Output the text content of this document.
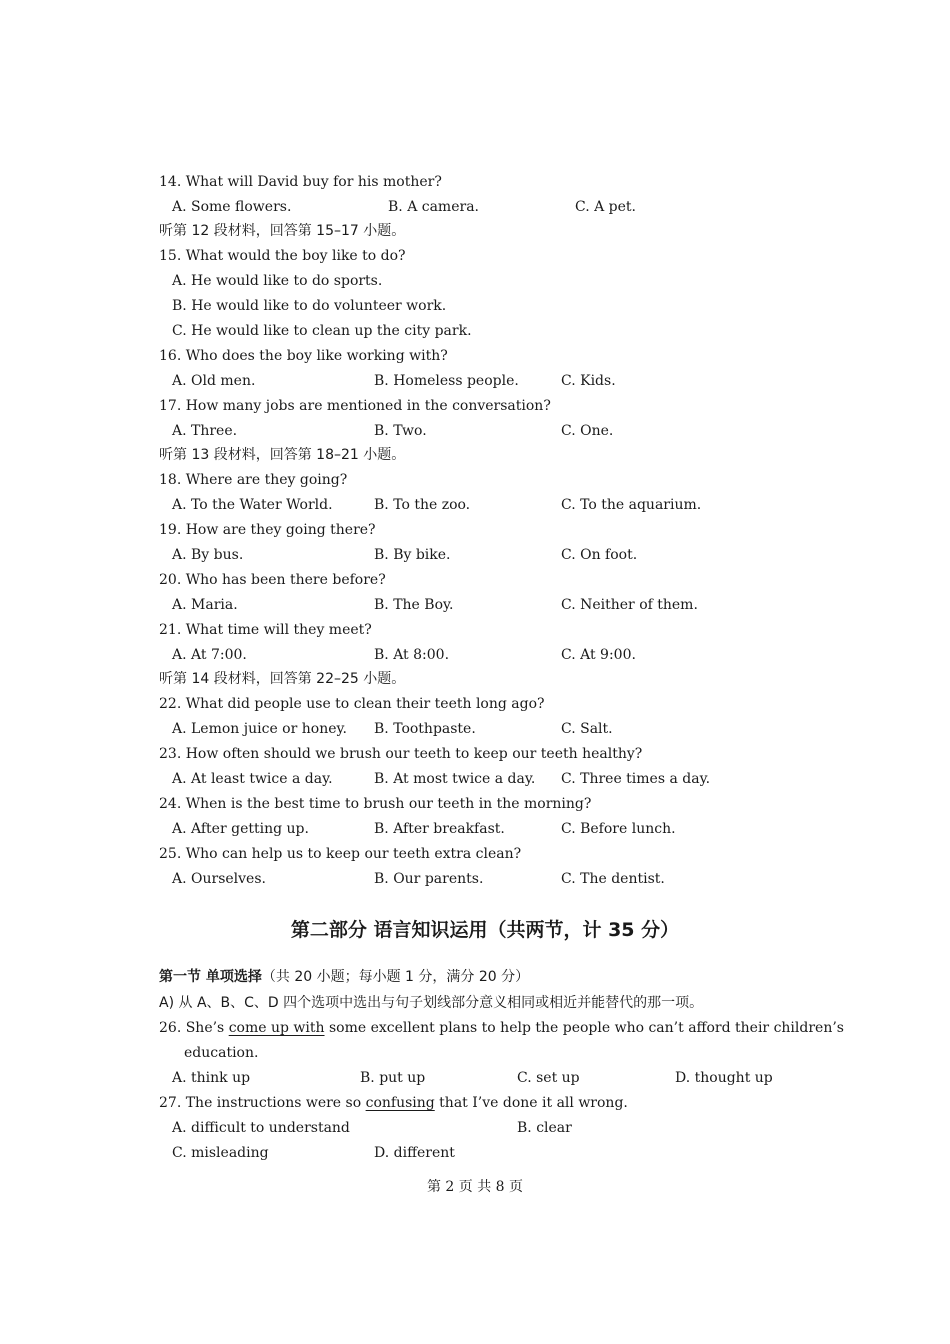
14. What will David buy for his mother?
A. Some flowers.	B. A camera.	C. A pet.
听第 12 段材料，回答第 15–17 小题。
15. What would the boy like to do?
A. He would like to do sports.
B. He would like to do volunteer work.
C. He would like to clean up the city park.
16. Who does the boy like working with?
A. Old men.	B. Homeless people.	C. Kids.
17. How many jobs are mentioned in the conversation?
A. Three.	B. Two.	C. One.
听第 13 段材料，回答第 18–21 小题。
18. Where are they going?
A. To the Water World.	B. To the zoo.	C. To the aquarium.
19. How are they going there?
A. By bus.	B. By bike.	C. On foot.
20. Who has been there before?
A. Maria.	B. The Boy.	C. Neither of them.
21. What time will they meet?
A. At 7:00.	B. At 8:00.	C. At 9:00.
听第 14 段材料，回答第 22–25 小题。
22. What did people use to clean their teeth long ago?
A. Lemon juice or honey. B. Toothpaste.	C. Salt.
23. How often should we brush our teeth to keep our teeth healthy?
A. At least twice a day.	B. At most twice a day. C. Three times a day.
24. When is the best time to brush our teeth in the morning?
A. After getting up.	B. After breakfast.	C. Before lunch.
25. Who can help us to keep our teeth extra clean?
A. Ourselves.	B. Our parents.	C. The dentist.
第二部分 语言知识运用（共两节，计 35 分）
第一节 单项选择（共 20 小题；每小题 1 分，满分 20 分）
A) 从 A、B、C、D 四个选项中选出与句子划线部分意义相同或相近并能替代的那一项。
26. She’s come up with some excellent plans to help the people who can’t afford their children’s
education.
A. think up	B. put up	C. set up	D. thought up
27. The instructions were so confusing that I’ve done it all wrong.
A. difficult to understand	B. clear
C. misleading	D. different
第 2 页 共 8 页
